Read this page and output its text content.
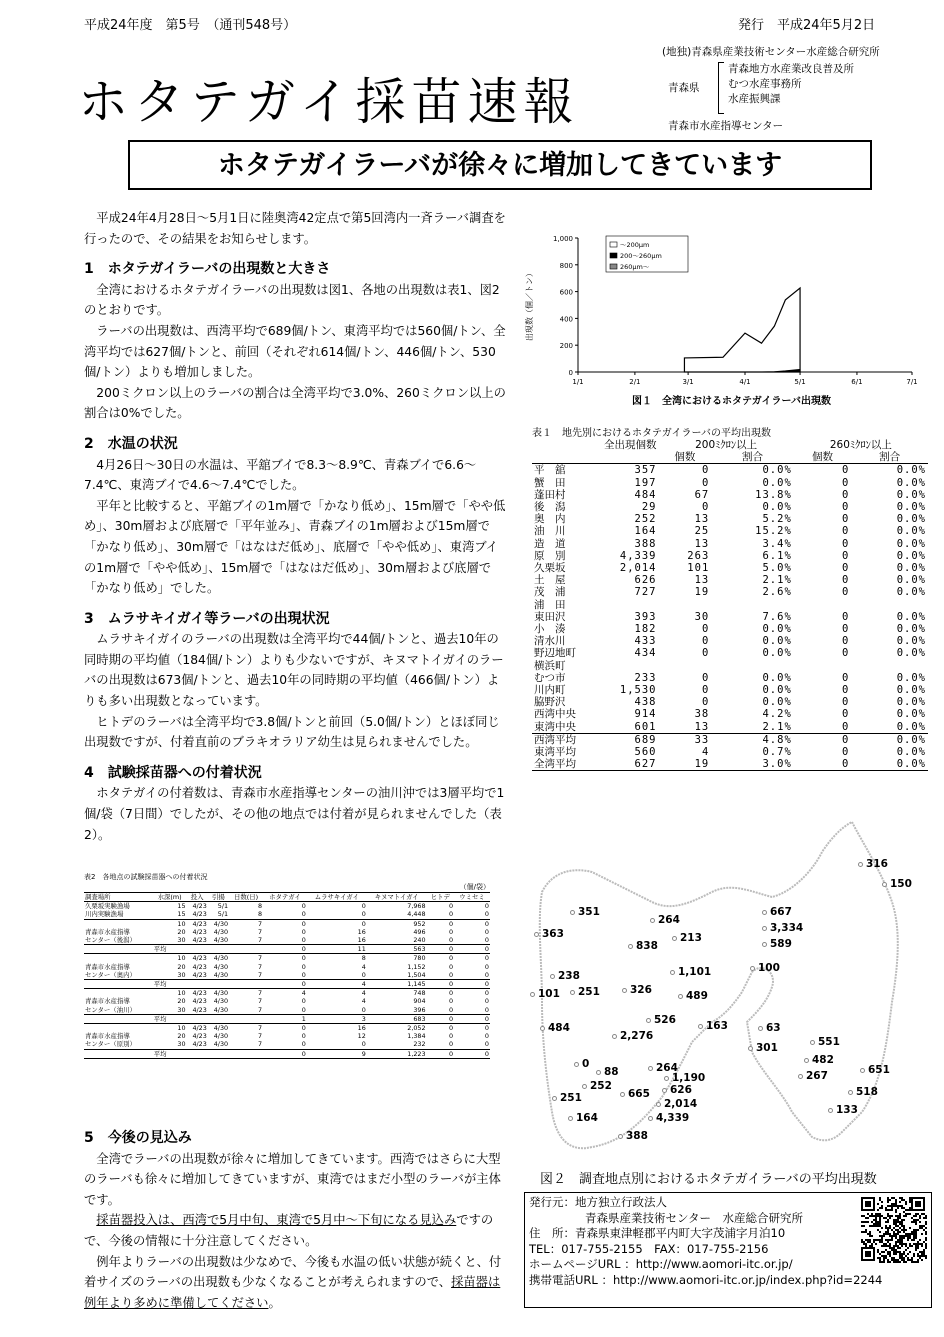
平成24年度　第5号　（通刊548号）	発行　平成24年5月2日
ホタテガイ採苗速報
(地独)青森県産業技術センター水産総合研究所
青森県
青森地方水産業改良普及所
むつ水産事務所
水産振興課
青森市水産指導センター
ホタテガイラーバが徐々に増加してきています

平成24年4月28日～5月1日に陸奥湾42定点で第5回湾内一斉ラーバ調査を行ったので、その結果をお知らせします。

1　 ホタテガイラーバの出現数と大きさ

全湾におけるホタテガイラーバの出現数は図1、各地の出現数は表1、図2のとおりです。

ラーバの出現数は、西湾平均で689個/トン、東湾平均では560個/トン、全湾平均では627個/トンと、前回（それぞれ614個/トン、446個/トン、530個/トン）よりも増加しました。

200ミクロン以上のラーバの割合は全湾平均で3.0%、260ミクロン以上の割合は0%でした。

2　 水温の状況

4月26日～30日の水温は、平舘ブイで8.3～8.9℃、青森ブイで6.6～7.4℃、東湾ブイで4.6～7.4℃でした。

平年と比較すると、平舘ブイの1m層で「かなり低め」、15m層で「やや低め」、30m層および底層で「平年並み」、青森ブイの1m層および15m層で「かなり低め」、30m層で「はなはだ低め」、底層で「やや低め」、東湾ブイの1m層で「やや低め」、15m層で「はなはだ低め」、30m層および底層で「かなり低め」でした。

3　 ムラサキイガイ等ラーバの出現状況

ムラサキイガイのラーバの出現数は全湾平均で44個/トンと、過去10年の同時期の平均値（184個/トン）よりも少ないですが、キヌマトイガイのラーバの出現数は673個/トンと、過去10年の同時期の平均値（466個/トン）よりも多い出現数となっています。

ヒトデのラーバは全湾平均で3.8個/トンと前回（5.0個/トン）とほぼ同じ出現数ですが、付着直前のブラキオラリア幼生は見られませんでした。

4　 試験採苗器への付着状況

ホタテガイの付着数は、青森市水産指導センターの油川沖では3層平均で1個/袋（7日間）でしたが、その他の地点では付着が見られませんでした（表2）。

表2　各地点の試験採苗器への付着状況
（個/袋）
調査場所	水深(m)	投入	引揚	日数(日)	ホタテガイ	ムラサキイガイ	キヌマトイガイ	ヒトデ	ウミセミ
久栗坂実験漁場	15	4/23	5/1	8	0	0	7,968	0	0
川内実験漁場	15	4/23	5/1	8	0	0	4,448	0	0
	10	4/23	4/30	7	0	0	952	0	0
青森市水産指導	20	4/23	4/30	7	0	16	496	0	0
センター（後潟）	30	4/23	4/30	7	0	16	240	0	0
	平均				0	11	563	0	0
	10	4/23	4/30	7	0	8	780	0	0
青森市水産指導	20	4/23	4/30	7	0	4	1,152	0	0
センター（奥内）	30	4/23	4/30	7	0	0	1,504	0	0
	平均				0	4	1,145	0	0
	10	4/23	4/30	7	4	4	748	0	0
青森市水産指導	20	4/23	4/30	7	0	4	904	0	0
センター（油川）	30	4/23	4/30	7	0	0	396	0	0
	平均				1	3	683	0	0
	10	4/23	4/30	7	0	16	2,052	0	0
青森市水産指導	20	4/23	4/30	7	0	12	1,384	0	0
センター（原別）	30	4/23	4/30	7	0	0	232	0	0
	平均				0	9	1,223	0	0
5　 今後の見込み

全湾でラーバの出現数が徐々に増加してきています。西湾ではさらに大型のラーバも徐々に増加してきていますが、東湾ではまだ小型のラーバが主体です。

採苗器投入は、西湾で5月中旬、東湾で5月中～下旬になる見込みですので、今後の情報に十分注意してください。

例年よりラーバの出現数は少なめで、今後も水温の低い状態が続くと、付着サイズのラーバの出現数も少なくなることが考えられますので、採苗器は例年より多めに準備してください。

0
200
400
600
800
1,000
1/1	2/1	3/1	4/1	5/1	6/1	7/1
出現数（個／トン）
～200μm
200～260μm
260μm～
図１　全湾におけるホタテガイラーバ出現数
表１　地先別におけるホタテガイラーバの平均出現数
	全出現個数	200ﾐｸﾛﾝ以上		260ﾐｸﾛﾝ以上	
		個数	割合	個数	割合
平　舘	357	0	0.0%	0	0.0%
蟹　田	197	0	0.0%	0	0.0%
蓬田村	484	67	13.8%	0	0.0%
後　潟	29	0	0.0%	0	0.0%
奥　内	252	13	5.2%	0	0.0%
油　川	164	25	15.2%	0	0.0%
造　道	388	13	3.4%	0	0.0%
原　別	4,339	263	6.1%	0	0.0%
久栗坂	2,014	101	5.0%	0	0.0%
土　屋	626	13	2.1%	0	0.0%
茂　浦	727	19	2.6%	0	0.0%
浦　田					
東田沢	393	30	7.6%	0	0.0%
小　湊	182	0	0.0%	0	0.0%
清水川	433	0	0.0%	0	0.0%
野辺地町	434	0	0.0%	0	0.0%
横浜町					
むつ市	233	0	0.0%	0	0.0%
川内町	1,530	0	0.0%	0	0.0%
脇野沢	438	0	0.0%	0	0.0%
西湾中央	914	38	4.2%	0	0.0%
東湾中央	601	13	2.1%	0	0.0%
西湾平均	689	33	4.8%	0	0.0%
東湾平均	560	4	0.7%	0	0.0%
全湾平均	627	19	3.0%	0	0.0%
316
150
351
264
667
3,334
363
838
213	589
1,101	100
238
326
101 251	489
484
526	163	63
551
2,276
301
482
0	264
267	651
88	1,190
252	626	518
251	665
2,014	133
164	4,339
388
図２　調査地点別におけるホタテガイラーバの平均出現数
発行元：地方独立行政法人
青森県産業技術センター　水産総合研究所
住　所：青森県東津軽郡平内町大字茂浦字月泊10
TEL：017-755-2155　FAX：017-755-2156
ホームページURL ：http://www.aomori-itc.or.jp/
携帯電話URL ：http://www.aomori-itc.or.jp/index.php?id=2244
